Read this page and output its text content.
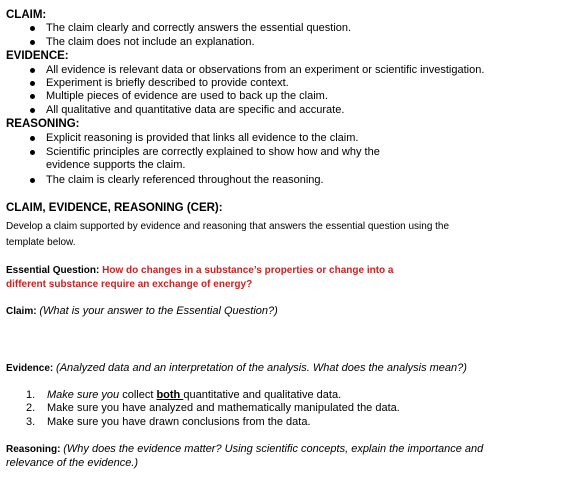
CLAIM:
The claim clearly and correctly answers the essential question.
The claim does not include an explanation.
EVIDENCE:
All evidence is relevant data or observations from an experiment or scientific investigation.
Experiment is briefly described to provide context.
Multiple pieces of evidence are used to back up the claim.
All qualitative and quantitative data are specific and accurate.
REASONING:
Explicit reasoning is provided that links all evidence to the claim.
Scientific principles are correctly explained to show how and why the
evidence supports the claim.
The claim is clearly referenced throughout the reasoning.
CLAIM, EVIDENCE, REASONING (CER):
Develop a claim supported by evidence and reasoning that answers the essential question using the
template below.
Essential Question: How do changes in a substance’s properties or change into a
different substance require an exchange of energy?
Claim: (What is your answer to the Essential Question?)
Evidence: (Analyzed data and an interpretation of the analysis. What does the analysis mean?)
1. Make sure you collect both quantitative and qualitative data.
2. Make sure you have analyzed and mathematically manipulated the data.
3. Make sure you have drawn conclusions from the data.
Reasoning: (Why does the evidence matter? Using scientific concepts, explain the importance and
relevance of the evidence.)
